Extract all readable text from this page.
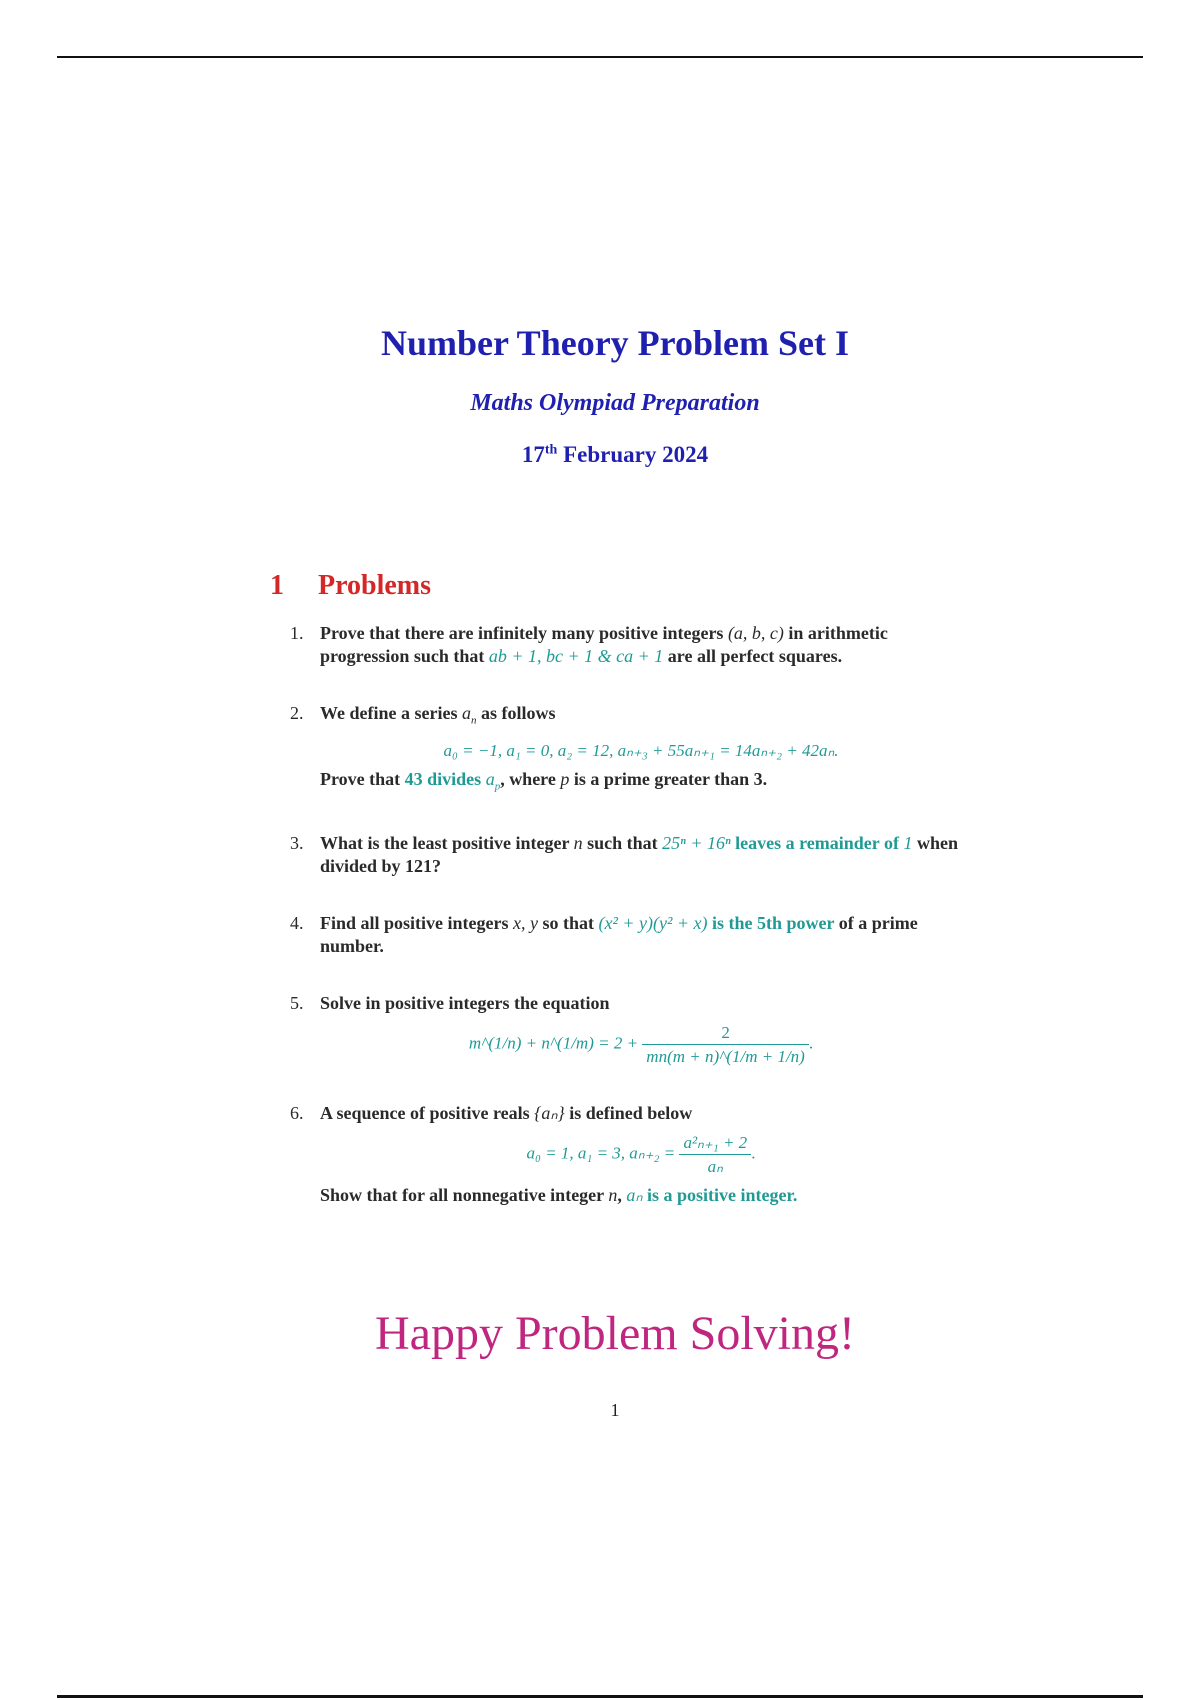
Number Theory Problem Set I
Maths Olympiad Preparation
17th February 2024
1 Problems
1. Prove that there are infinitely many positive integers (a, b, c) in arithmetic progression such that ab + 1, bc + 1 & ca + 1 are all perfect squares.
2. We define a series $a_n$ as follows
a₀ = −1, a₁ = 0, a₂ = 12, aₙ₊₃ + 55aₙ₊₁ = 14aₙ₊₂ + 42aₙ.
Prove that 43 divides $a_p$, where p is a prime greater than 3.
3. What is the least positive integer n such that 25ⁿ + 16ⁿ leaves a remainder of 1 when divided by 121?
4. Find all positive integers x, y so that (x² + y)(y² + x) is the 5th power of a prime number.
5. Solve in positive integers the equation
m^(1/n) + n^(1/m) = $2 + \frac{2}{mn(m + n)\^{}(1/m + 1/n)}$ .
6. A sequence of positive reals {aₙ} is defined below
a₀ = 1, a₁ = 3, $a_{n+2} = \frac{\text{a²ₙ₊₁ + 2}}{\text{aₙ}}$ .
Show that for all nonnegative integer n, aₙ is a positive integer.
Happy Problem Solving!
1
